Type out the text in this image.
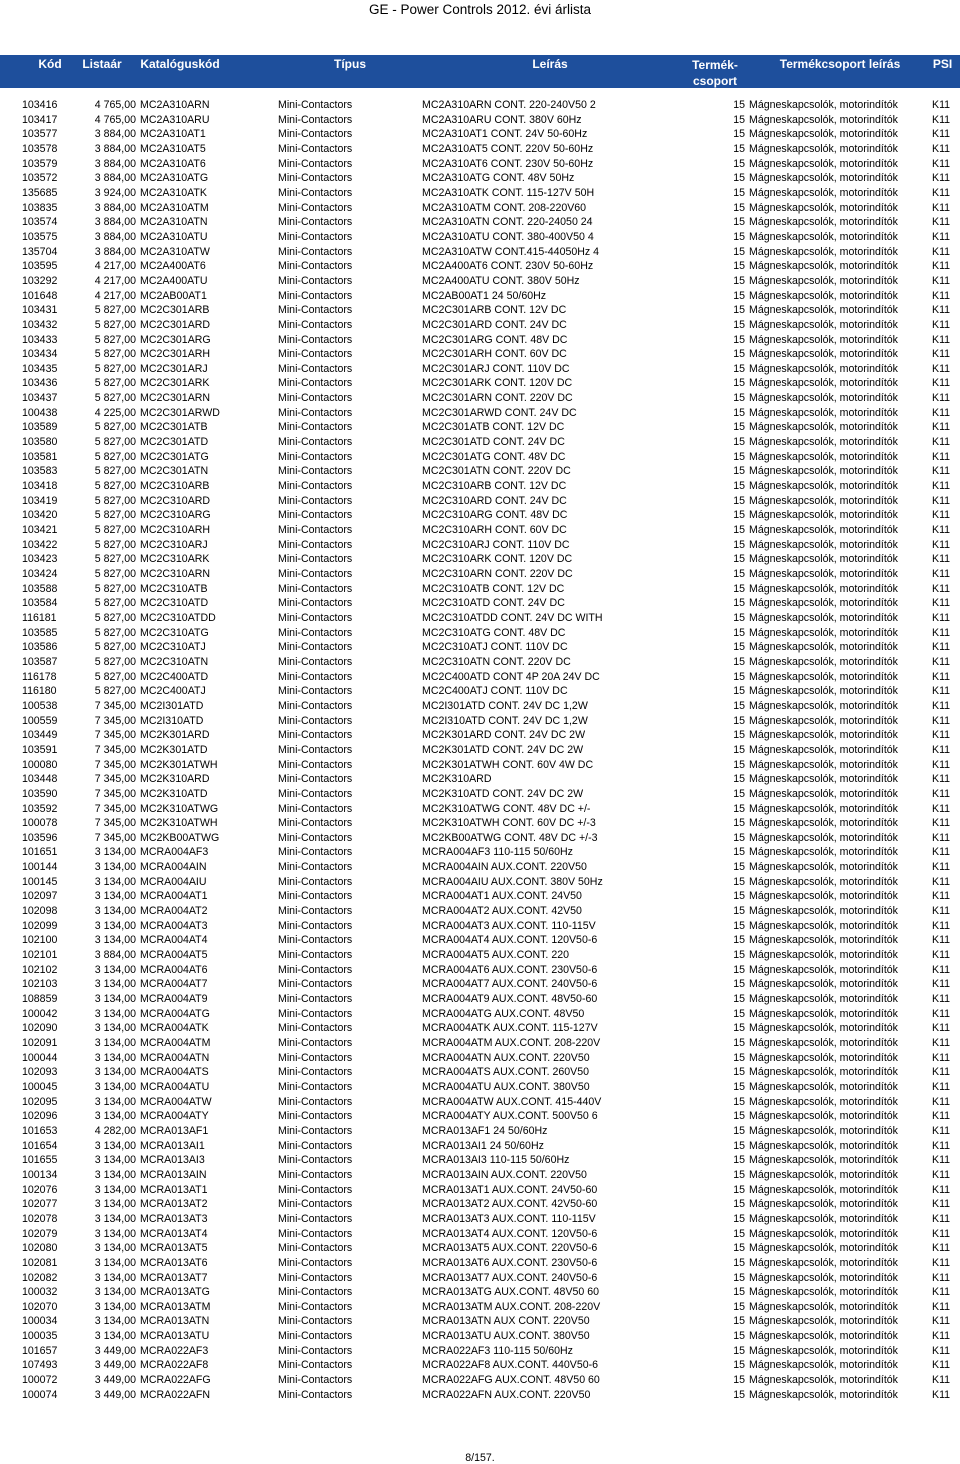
GE - Power Controls 2012. évi árlista
Kód	Listaár	Katalóguskód	Típus	Leírás	Termék-
csoport
Termékcsoport leírás	PSI
103416	4 765,00 MC2A310ARN	Mini-Contactors	MC2A310ARN CONT. 220-240V50 2	15 Mágneskapcsolók, motorindítók	K11
103417	4 765,00 MC2A310ARU	Mini-Contactors	MC2A310ARU CONT. 380V 60Hz	15 Mágneskapcsolók, motorindítók	K11
103577	3 884,00 MC2A310AT1	Mini-Contactors	MC2A310AT1 CONT. 24V 50-60Hz	15 Mágneskapcsolók, motorindítók	K11
103578	3 884,00 MC2A310AT5	Mini-Contactors	MC2A310AT5 CONT. 220V 50-60Hz	15 Mágneskapcsolók, motorindítók	K11
103579	3 884,00 MC2A310AT6	Mini-Contactors	MC2A310AT6 CONT. 230V 50-60Hz	15 Mágneskapcsolók, motorindítók	K11
103572	3 884,00 MC2A310ATG	Mini-Contactors	MC2A310ATG CONT. 48V 50Hz	15 Mágneskapcsolók, motorindítók	K11
135685	3 924,00 MC2A310ATK	Mini-Contactors	MC2A310ATK CONT. 115-127V 50H	15 Mágneskapcsolók, motorindítók	K11
103835	3 884,00 MC2A310ATM	Mini-Contactors	MC2A310ATM CONT. 208-220V60	15 Mágneskapcsolók, motorindítók	K11
103574	3 884,00 MC2A310ATN	Mini-Contactors	MC2A310ATN CONT. 220-24050 24	15 Mágneskapcsolók, motorindítók	K11
103575	3 884,00 MC2A310ATU	Mini-Contactors	MC2A310ATU CONT. 380-400V50 4	15 Mágneskapcsolók, motorindítók	K11
135704	3 884,00 MC2A310ATW	Mini-Contactors	MC2A310ATW CONT.415-44050Hz 4	15 Mágneskapcsolók, motorindítók	K11
103595	4 217,00 MC2A400AT6	Mini-Contactors	MC2A400AT6 CONT. 230V 50-60Hz	15 Mágneskapcsolók, motorindítók	K11
103292	4 217,00 MC2A400ATU	Mini-Contactors	MC2A400ATU CONT. 380V 50Hz	15 Mágneskapcsolók, motorindítók	K11
101648	4 217,00 MC2AB00AT1	Mini-Contactors	MC2AB00AT1 24 50/60Hz	15 Mágneskapcsolók, motorindítók	K11
103431	5 827,00 MC2C301ARB	Mini-Contactors	MC2C301ARB CONT. 12V DC	15 Mágneskapcsolók, motorindítók	K11
103432	5 827,00 MC2C301ARD	Mini-Contactors	MC2C301ARD CONT. 24V DC	15 Mágneskapcsolók, motorindítók	K11
103433	5 827,00 MC2C301ARG	Mini-Contactors	MC2C301ARG CONT. 48V DC	15 Mágneskapcsolók, motorindítók	K11
103434	5 827,00 MC2C301ARH	Mini-Contactors	MC2C301ARH CONT. 60V DC	15 Mágneskapcsolók, motorindítók	K11
103435	5 827,00 MC2C301ARJ	Mini-Contactors	MC2C301ARJ CONT. 110V DC	15 Mágneskapcsolók, motorindítók	K11
103436	5 827,00 MC2C301ARK	Mini-Contactors	MC2C301ARK CONT. 120V DC	15 Mágneskapcsolók, motorindítók	K11
103437	5 827,00 MC2C301ARN	Mini-Contactors	MC2C301ARN CONT. 220V DC	15 Mágneskapcsolók, motorindítók	K11
100438	4 225,00 MC2C301ARWD	Mini-Contactors	MC2C301ARWD CONT. 24V DC	15 Mágneskapcsolók, motorindítók	K11
103589	5 827,00 MC2C301ATB	Mini-Contactors	MC2C301ATB CONT. 12V DC	15 Mágneskapcsolók, motorindítók	K11
103580	5 827,00 MC2C301ATD	Mini-Contactors	MC2C301ATD CONT. 24V DC	15 Mágneskapcsolók, motorindítók	K11
103581	5 827,00 MC2C301ATG	Mini-Contactors	MC2C301ATG CONT. 48V DC	15 Mágneskapcsolók, motorindítók	K11
103583	5 827,00 MC2C301ATN	Mini-Contactors	MC2C301ATN CONT. 220V DC	15 Mágneskapcsolók, motorindítók	K11
103418	5 827,00 MC2C310ARB	Mini-Contactors	MC2C310ARB CONT. 12V DC	15 Mágneskapcsolók, motorindítók	K11
103419	5 827,00 MC2C310ARD	Mini-Contactors	MC2C310ARD CONT. 24V DC	15 Mágneskapcsolók, motorindítók	K11
103420	5 827,00 MC2C310ARG	Mini-Contactors	MC2C310ARG CONT. 48V DC	15 Mágneskapcsolók, motorindítók	K11
103421	5 827,00 MC2C310ARH	Mini-Contactors	MC2C310ARH CONT. 60V DC	15 Mágneskapcsolók, motorindítók	K11
103422	5 827,00 MC2C310ARJ	Mini-Contactors	MC2C310ARJ CONT. 110V DC	15 Mágneskapcsolók, motorindítók	K11
103423	5 827,00 MC2C310ARK	Mini-Contactors	MC2C310ARK CONT. 120V DC	15 Mágneskapcsolók, motorindítók	K11
103424	5 827,00 MC2C310ARN	Mini-Contactors	MC2C310ARN CONT. 220V DC	15 Mágneskapcsolók, motorindítók	K11
103588	5 827,00 MC2C310ATB	Mini-Contactors	MC2C310ATB CONT. 12V DC	15 Mágneskapcsolók, motorindítók	K11
103584	5 827,00 MC2C310ATD	Mini-Contactors	MC2C310ATD CONT. 24V DC	15 Mágneskapcsolók, motorindítók	K11
116181	5 827,00 MC2C310ATDD	Mini-Contactors	MC2C310ATDD CONT. 24V DC WITH	15 Mágneskapcsolók, motorindítók	K11
103585	5 827,00 MC2C310ATG	Mini-Contactors	MC2C310ATG CONT. 48V DC	15 Mágneskapcsolók, motorindítók	K11
103586	5 827,00 MC2C310ATJ	Mini-Contactors	MC2C310ATJ CONT. 110V DC	15 Mágneskapcsolók, motorindítók	K11
103587	5 827,00 MC2C310ATN	Mini-Contactors	MC2C310ATN CONT. 220V DC	15 Mágneskapcsolók, motorindítók	K11
116178	5 827,00 MC2C400ATD	Mini-Contactors	MC2C400ATD CONT 4P 20A 24V DC	15 Mágneskapcsolók, motorindítók	K11
116180	5 827,00 MC2C400ATJ	Mini-Contactors	MC2C400ATJ CONT. 110V DC	15 Mágneskapcsolók, motorindítók	K11
100538	7 345,00 MC2I301ATD	Mini-Contactors	MC2I301ATD CONT. 24V DC 1,2W	15 Mágneskapcsolók, motorindítók	K11
100559	7 345,00 MC2I310ATD	Mini-Contactors	MC2I310ATD CONT. 24V DC 1,2W	15 Mágneskapcsolók, motorindítók	K11
103449	7 345,00 MC2K301ARD	Mini-Contactors	MC2K301ARD CONT. 24V DC 2W	15 Mágneskapcsolók, motorindítók	K11
103591	7 345,00 MC2K301ATD	Mini-Contactors	MC2K301ATD CONT. 24V DC 2W	15 Mágneskapcsolók, motorindítók	K11
100080	7 345,00 MC2K301ATWH	Mini-Contactors	MC2K301ATWH CONT. 60V 4W DC	15 Mágneskapcsolók, motorindítók	K11
103448	7 345,00 MC2K310ARD	Mini-Contactors	MC2K310ARD	15 Mágneskapcsolók, motorindítók	K11
103590	7 345,00 MC2K310ATD	Mini-Contactors	MC2K310ATD CONT. 24V DC 2W	15 Mágneskapcsolók, motorindítók	K11
103592	7 345,00 MC2K310ATWG	Mini-Contactors	MC2K310ATWG CONT. 48V DC +/-	15 Mágneskapcsolók, motorindítók	K11
100078	7 345,00 MC2K310ATWH	Mini-Contactors	MC2K310ATWH CONT. 60V DC +/-3	15 Mágneskapcsolók, motorindítók	K11
103596	7 345,00 MC2KB00ATWG	Mini-Contactors	MC2KB00ATWG CONT. 48V DC +/-3	15 Mágneskapcsolók, motorindítók	K11
101651	3 134,00 MCRA004AF3	Mini-Contactors	MCRA004AF3 110-115 50/60Hz	15 Mágneskapcsolók, motorindítók	K11
100144	3 134,00 MCRA004AIN	Mini-Contactors	MCRA004AIN AUX.CONT. 220V50	15 Mágneskapcsolók, motorindítók	K11
100145	3 134,00 MCRA004AIU	Mini-Contactors	MCRA004AIU AUX.CONT. 380V 50Hz	15 Mágneskapcsolók, motorindítók	K11
102097	3 134,00 MCRA004AT1	Mini-Contactors	MCRA004AT1 AUX.CONT. 24V50	15 Mágneskapcsolók, motorindítók	K11
102098	3 134,00 MCRA004AT2	Mini-Contactors	MCRA004AT2 AUX.CONT. 42V50	15 Mágneskapcsolók, motorindítók	K11
102099	3 134,00 MCRA004AT3	Mini-Contactors	MCRA004AT3 AUX.CONT. 110-115V	15 Mágneskapcsolók, motorindítók	K11
102100	3 134,00 MCRA004AT4	Mini-Contactors	MCRA004AT4 AUX.CONT. 120V50-6	15 Mágneskapcsolók, motorindítók	K11
102101	3 884,00 MCRA004AT5	Mini-Contactors	MCRA004AT5 AUX.CONT. 220	15 Mágneskapcsolók, motorindítók	K11
102102	3 134,00 MCRA004AT6	Mini-Contactors	MCRA004AT6 AUX.CONT. 230V50-6	15 Mágneskapcsolók, motorindítók	K11
102103	3 134,00 MCRA004AT7	Mini-Contactors	MCRA004AT7 AUX.CONT. 240V50-6	15 Mágneskapcsolók, motorindítók	K11
108859	3 134,00 MCRA004AT9	Mini-Contactors	MCRA004AT9 AUX.CONT. 48V50-60	15 Mágneskapcsolók, motorindítók	K11
100042	3 134,00 MCRA004ATG	Mini-Contactors	MCRA004ATG AUX.CONT. 48V50	15 Mágneskapcsolók, motorindítók	K11
102090	3 134,00 MCRA004ATK	Mini-Contactors	MCRA004ATK AUX.CONT. 115-127V	15 Mágneskapcsolók, motorindítók	K11
102091	3 134,00 MCRA004ATM	Mini-Contactors	MCRA004ATM AUX.CONT. 208-220V	15 Mágneskapcsolók, motorindítók	K11
100044	3 134,00 MCRA004ATN	Mini-Contactors	MCRA004ATN AUX.CONT. 220V50	15 Mágneskapcsolók, motorindítók	K11
102093	3 134,00 MCRA004ATS	Mini-Contactors	MCRA004ATS AUX.CONT. 260V50	15 Mágneskapcsolók, motorindítók	K11
100045	3 134,00 MCRA004ATU	Mini-Contactors	MCRA004ATU AUX.CONT. 380V50	15 Mágneskapcsolók, motorindítók	K11
102095	3 134,00 MCRA004ATW	Mini-Contactors	MCRA004ATW AUX.CONT. 415-440V	15 Mágneskapcsolók, motorindítók	K11
102096	3 134,00 MCRA004ATY	Mini-Contactors	MCRA004ATY AUX.CONT. 500V50 6	15 Mágneskapcsolók, motorindítók	K11
101653	4 282,00 MCRA013AF1	Mini-Contactors	MCRA013AF1 24 50/60Hz	15 Mágneskapcsolók, motorindítók	K11
101654	3 134,00 MCRA013AI1	Mini-Contactors	MCRA013AI1 24 50/60Hz	15 Mágneskapcsolók, motorindítók	K11
101655	3 134,00 MCRA013AI3	Mini-Contactors	MCRA013AI3 110-115 50/60Hz	15 Mágneskapcsolók, motorindítók	K11
100134	3 134,00 MCRA013AIN	Mini-Contactors	MCRA013AIN AUX.CONT. 220V50	15 Mágneskapcsolók, motorindítók	K11
102076	3 134,00 MCRA013AT1	Mini-Contactors	MCRA013AT1 AUX.CONT. 24V50-60	15 Mágneskapcsolók, motorindítók	K11
102077	3 134,00 MCRA013AT2	Mini-Contactors	MCRA013AT2 AUX.CONT. 42V50-60	15 Mágneskapcsolók, motorindítók	K11
102078	3 134,00 MCRA013AT3	Mini-Contactors	MCRA013AT3 AUX.CONT. 110-115V	15 Mágneskapcsolók, motorindítók	K11
102079	3 134,00 MCRA013AT4	Mini-Contactors	MCRA013AT4 AUX.CONT. 120V50-6	15 Mágneskapcsolók, motorindítók	K11
102080	3 134,00 MCRA013AT5	Mini-Contactors	MCRA013AT5 AUX.CONT. 220V50-6	15 Mágneskapcsolók, motorindítók	K11
102081	3 134,00 MCRA013AT6	Mini-Contactors	MCRA013AT6 AUX.CONT. 230V50-6	15 Mágneskapcsolók, motorindítók	K11
102082	3 134,00 MCRA013AT7	Mini-Contactors	MCRA013AT7 AUX.CONT. 240V50-6	15 Mágneskapcsolók, motorindítók	K11
100032	3 134,00 MCRA013ATG	Mini-Contactors	MCRA013ATG AUX.CONT. 48V50 60	15 Mágneskapcsolók, motorindítók	K11
102070	3 134,00 MCRA013ATM	Mini-Contactors	MCRA013ATM AUX.CONT. 208-220V	15 Mágneskapcsolók, motorindítók	K11
100034	3 134,00 MCRA013ATN	Mini-Contactors	MCRA013ATN AUX CONT. 220V50	15 Mágneskapcsolók, motorindítók	K11
100035	3 134,00 MCRA013ATU	Mini-Contactors	MCRA013ATU AUX.CONT. 380V50	15 Mágneskapcsolók, motorindítók	K11
101657	3 449,00 MCRA022AF3	Mini-Contactors	MCRA022AF3 110-115 50/60Hz	15 Mágneskapcsolók, motorindítók	K11
107493	3 449,00 MCRA022AF8	Mini-Contactors	MCRA022AF8 AUX.CONT. 440V50-6	15 Mágneskapcsolók, motorindítók	K11
100072	3 449,00 MCRA022AFG	Mini-Contactors	MCRA022AFG AUX.CONT. 48V50 60	15 Mágneskapcsolók, motorindítók	K11
100074	3 449,00 MCRA022AFN	Mini-Contactors	MCRA022AFN AUX.CONT. 220V50	15 Mágneskapcsolók, motorindítók	K11
8/157.
